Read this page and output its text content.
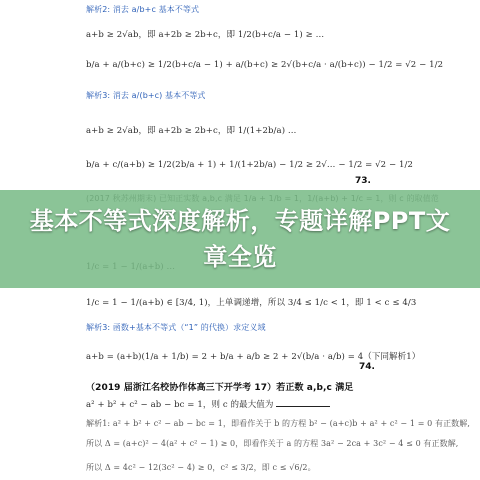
解析2: 消去 a/b+c 基本不等式
a+b ≥ 2√ab，即 a+2b ≥ 2b+c，即 1/2(b+c/a − 1) ≥ …
b/a + a/(b+c) ≥ 1/2(b+c/a − 1) + a/(b+c) ≥ 2√(b+c/a · a/(b+c)) − 1/2 = √2 − 1/2
解析3: 消去 a/(b+c) 基本不等式
a+b ≥ 2√ab，即 a+2b ≥ 2b+c，即 1/(1+2b/a) …
b/a + c/(a+b) ≥ 1/2(2b/a + 1) + 1/(1+2b/a) − 1/2 ≥ 2√… − 1/2 = √2 − 1/2
73.
1/c = 1 − 1/(a+b) ∈ [3/4, 1)，上单调递增，所以 3/4 ≤ 1/c < 1，即 1 < c ≤ 4/3
解析3: 函数+基本不等式（“1” 的代换）求定义域
a+b = (a+b)(1/a + 1/b) = 2 + b/a + a/b ≥ 2 + 2√(b/a · a/b) = 4（下同解析1）
74.
（2019 届浙江名校协作体高三下开学考 17）若正数 a,b,c 满足
a² + b² + c² − ab − bc = 1，则 c 的最大值为
解析1: a² + b² + c² − ab − bc = 1，即看作关于 b 的方程 b² − (a+c)b + a² + c² − 1 = 0 有正数解,
所以 Δ = (a+c)² − 4(a² + c² − 1) ≥ 0，即看作关于 a 的方程 3a² − 2ca + 3c² − 4 ≤ 0 有正数解,
所以 Δ = 4c² − 12(3c² − 4) ≥ 0，c² ≤ 3/2，即 c ≤ √6/2。
基本不等式深度解析，专题详解PPT文章全览
